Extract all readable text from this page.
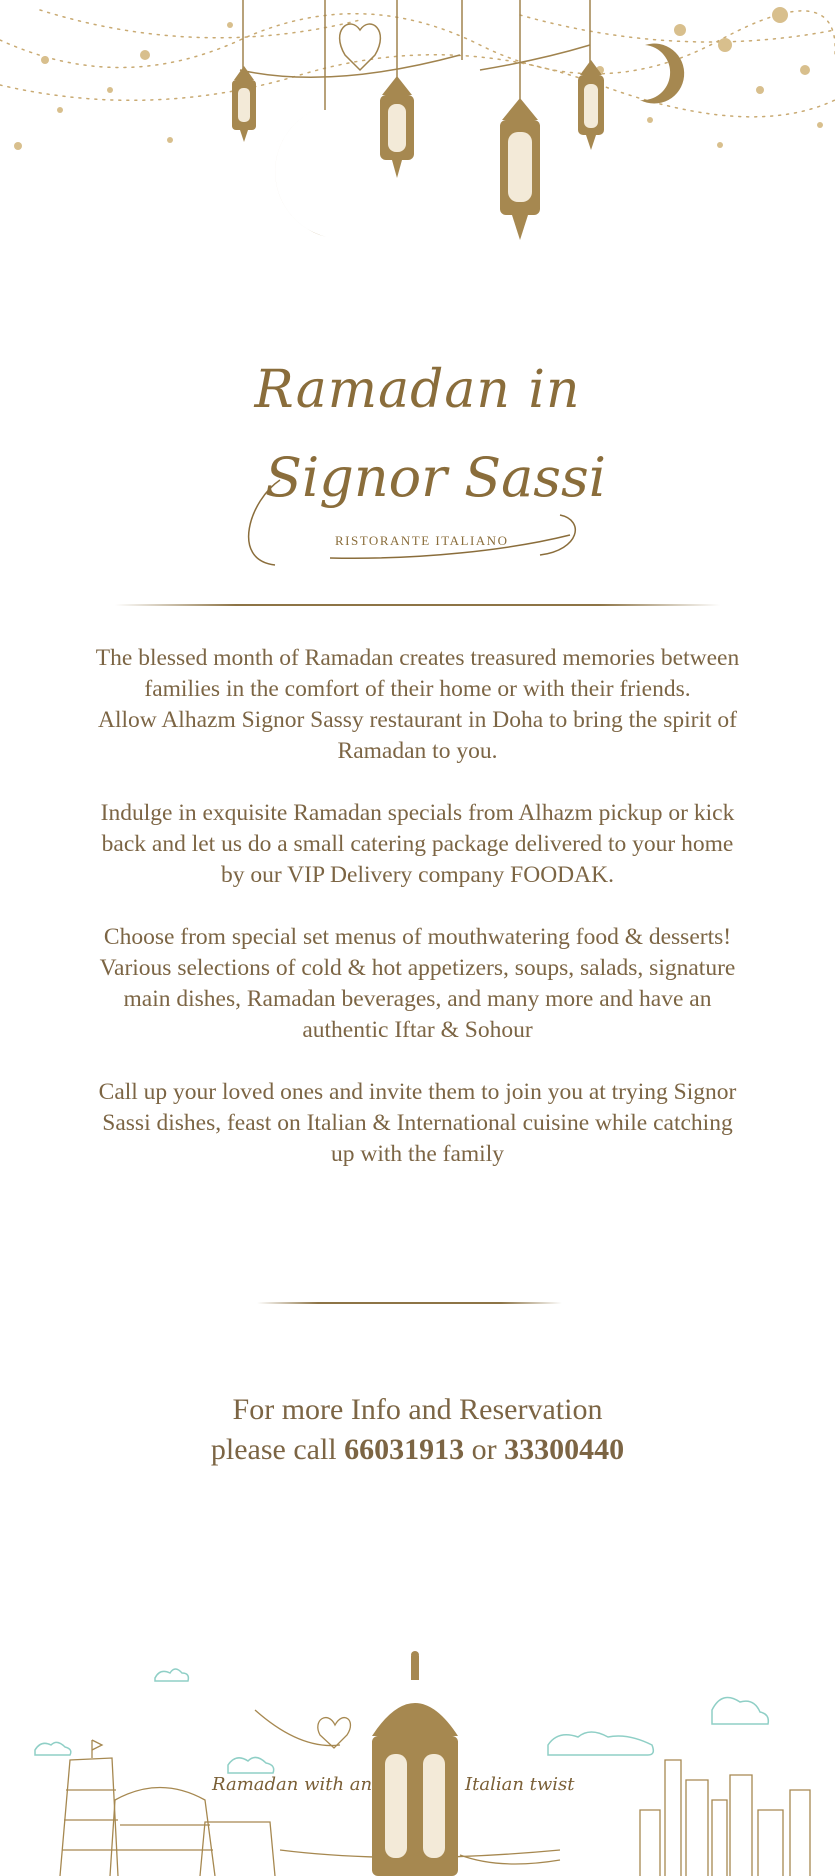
Ramadan in
Signor Sassi
RISTORANTE ITALIANO

The blessed month of Ramadan creates treasured memories between families in the comfort of their home or with their friends.
Allow Alhazm Signor Sassy restaurant in Doha to bring the spirit of Ramadan to you.

Indulge in exquisite Ramadan specials from Alhazm pickup or kick back and let us do a small catering package delivered to your home by our VIP Delivery company FOODAK.

Choose from special set menus of mouthwatering food & desserts! Various selections of cold & hot appetizers, soups, salads, signature main dishes, Ramadan beverages, and many more and have an authentic Iftar & Sohour

Call up your loved ones and invite them to join you at trying Signor Sassi dishes, feast on Italian & International cuisine while catching up with the family

For more Info and Reservation
please call 66031913 or 33300440
Ramadan with an	Italian twist
